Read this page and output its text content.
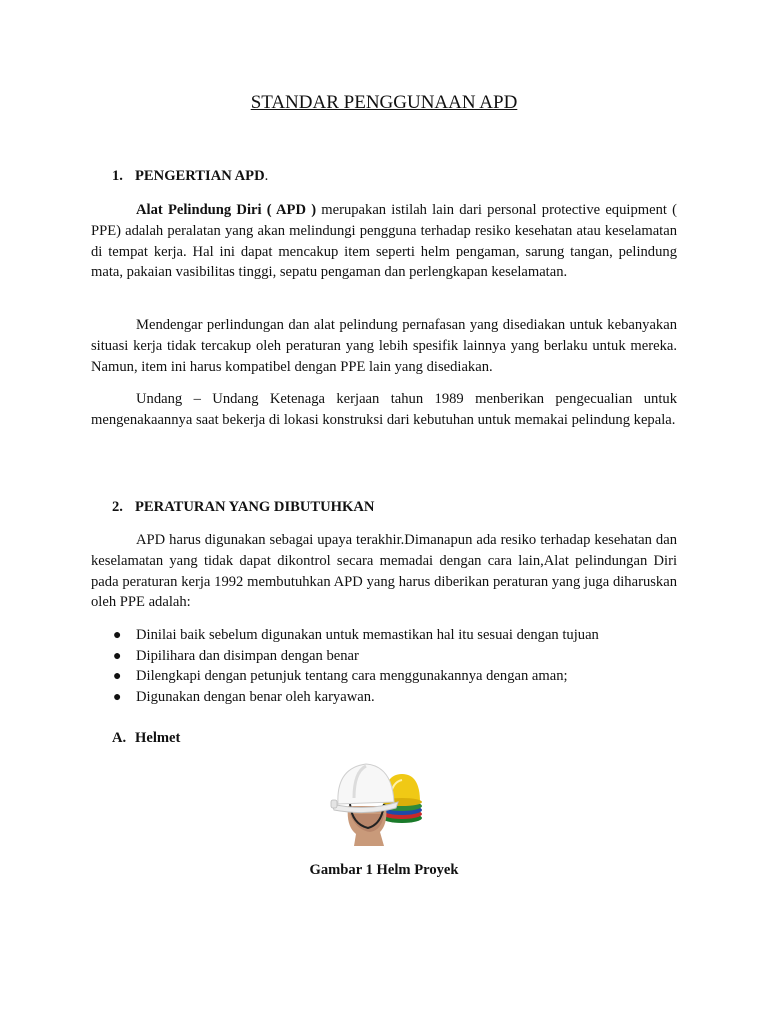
STANDAR PENGGUNAAN APD

1. PENGERTIAN APD.

Alat Pelindung Diri ( APD ) merupakan istilah lain dari personal protective equipment ( PPE) adalah peralatan yang akan melindungi pengguna terhadap resiko kesehatan atau keselamatan di tempat kerja. Hal ini dapat mencakup item seperti helm pengaman, sarung tangan, pelindung mata, pakaian vasibilitas tinggi, sepatu pengaman dan perlengkapan keselamatan.

Mendengar perlindungan dan alat pelindung pernafasan yang disediakan untuk kebanyakan situasi kerja tidak tercakup oleh peraturan yang lebih spesifik lainnya yang berlaku untuk mereka. Namun, item ini harus kompatibel dengan PPE lain yang disediakan.

Undang – Undang Ketenaga kerjaan tahun 1989 menberikan pengecualian untuk mengenakaannya saat bekerja di lokasi konstruksi dari kebutuhan untuk memakai pelindung kepala.

2. PERATURAN YANG DIBUTUHKAN

APD harus digunakan sebagai upaya terakhir.Dimanapun ada resiko terhadap kesehatan dan keselamatan yang tidak dapat dikontrol secara memadai dengan cara lain,Alat pelindungan Diri pada peraturan kerja 1992 membutuhkan APD yang harus diberikan peraturan yang juga diharuskan oleh PPE adalah:

● Dinilai baik sebelum digunakan untuk memastikan hal itu sesuai dengan tujuan
● Dipilihara dan disimpan dengan benar
● Dilengkapi dengan petunjuk tentang cara menggunakannya dengan aman;
● Digunakan dengan benar oleh karyawan.

A. Helmet

Gambar 1 Helm Proyek
